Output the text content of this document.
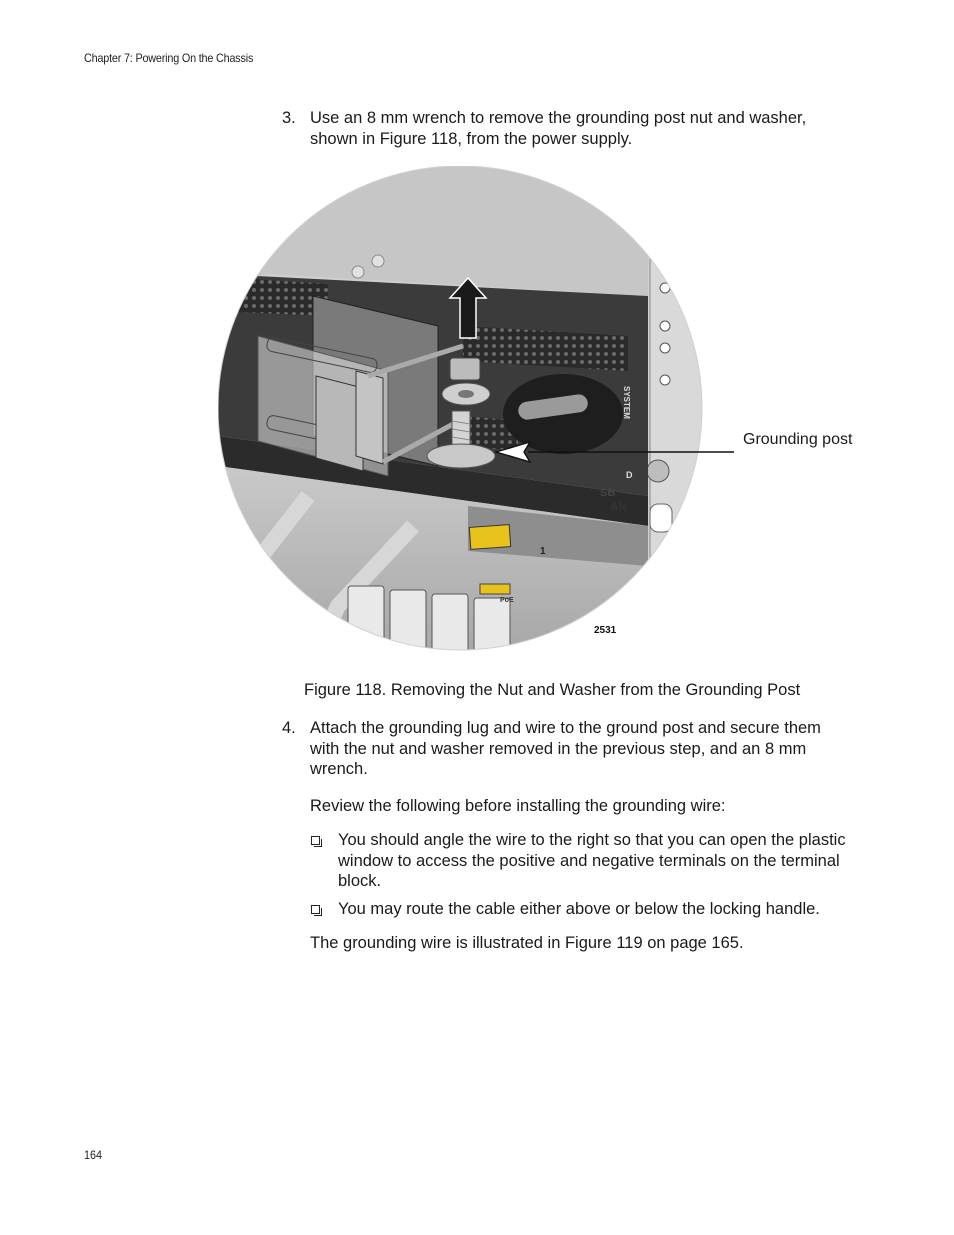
Chapter 7: Powering On the Chassis
3. Use an 8 mm wrench to remove the grounding post nut and washer, shown in Figure 118, from the power supply.
SYSTEM
D
SB
AN
1
PoE
2531
Grounding post
Figure 118. Removing the Nut and Washer from the Grounding Post
4. Attach the grounding lug and wire to the ground post and secure them with the nut and washer removed in the previous step, and an 8 mm wrench.
Review the following before installing the grounding wire:
You should angle the wire to the right so that you can open the plastic window to access the positive and negative terminals on the terminal block.
You may route the cable either above or below the locking handle.
The grounding wire is illustrated in Figure 119 on page 165.
164
